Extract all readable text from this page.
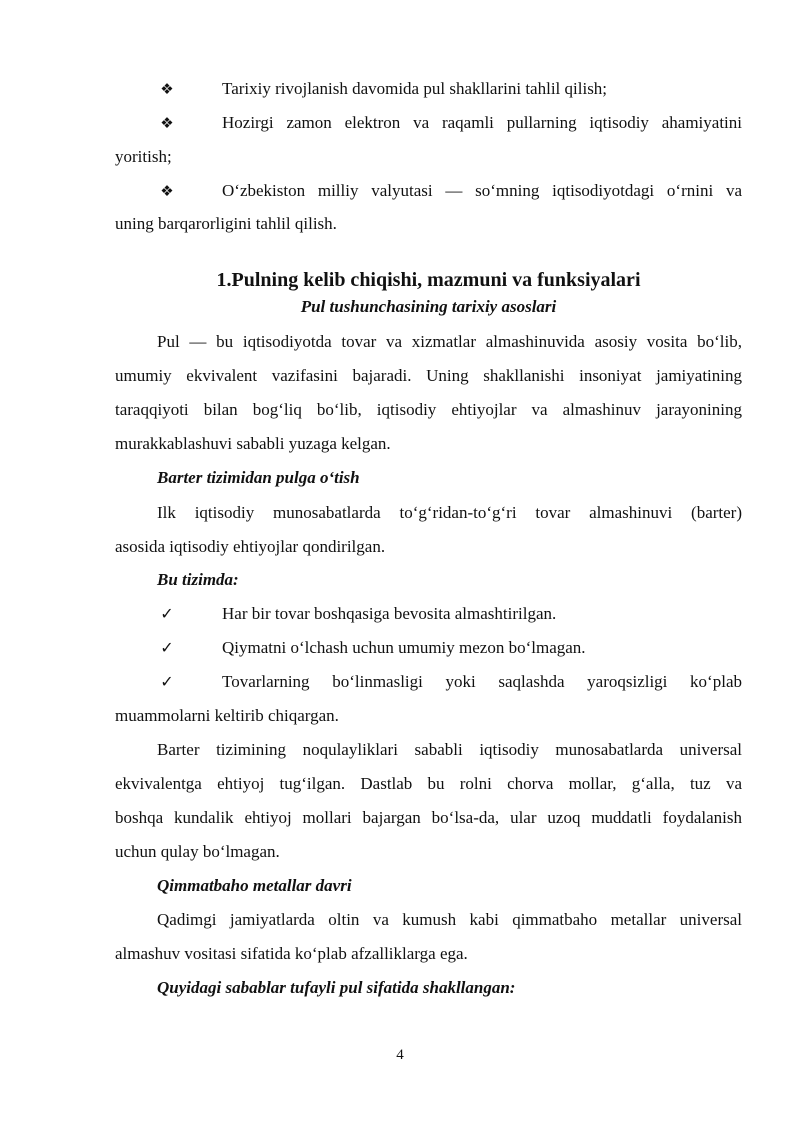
❖	Tarixiy rivojlanish davomida pul shakllarini tahlil qilish;
❖	Hozirgi zamon elektron va raqamli pullarning iqtisodiy ahamiyatini
yoritish;
❖	O‘zbekiston milliy valyutasi — so‘mning iqtisodiyotdagi o‘rnini va
uning barqarorligini tahlil qilish.
1.Pulning kelib chiqishi, mazmuni va funksiyalari
Pul tushunchasining tarixiy asoslari
Pul — bu iqtisodiyotda tovar va xizmatlar almashinuvida asosiy vosita bo‘lib,
umumiy ekvivalent vazifasini bajaradi. Uning shakllanishi insoniyat jamiyatining
taraqqiyoti bilan bog‘liq bo‘lib, iqtisodiy ehtiyojlar va almashinuv jarayonining
murakkablashuvi sababli yuzaga kelgan.
Barter tizimidan pulga o‘tish
Ilk iqtisodiy munosabatlarda to‘g‘ridan-to‘g‘ri tovar almashinuvi (barter)
asosida iqtisodiy ehtiyojlar qondirilgan.
Bu tizimda:
✓	Har bir tovar boshqasiga bevosita almashtirilgan.
✓	Qiymatni o‘lchash uchun umumiy mezon bo‘lmagan.
✓	Tovarlarning bo‘linmasligi yoki saqlashda yaroqsizligi ko‘plab
muammolarni keltirib chiqargan.
Barter tizimining noqulayliklari sababli iqtisodiy munosabatlarda universal
ekvivalentga ehtiyoj tug‘ilgan. Dastlab bu rolni chorva mollar, g‘alla, tuz va
boshqa kundalik ehtiyoj mollari bajargan bo‘lsa-da, ular uzoq muddatli foydalanish
uchun qulay bo‘lmagan.
Qimmatbaho metallar davri
Qadimgi jamiyatlarda oltin va kumush kabi qimmatbaho metallar universal
almashuv vositasi sifatida ko‘plab afzalliklarga ega.
Quyidagi sabablar tufayli pul sifatida shakllangan:
4
